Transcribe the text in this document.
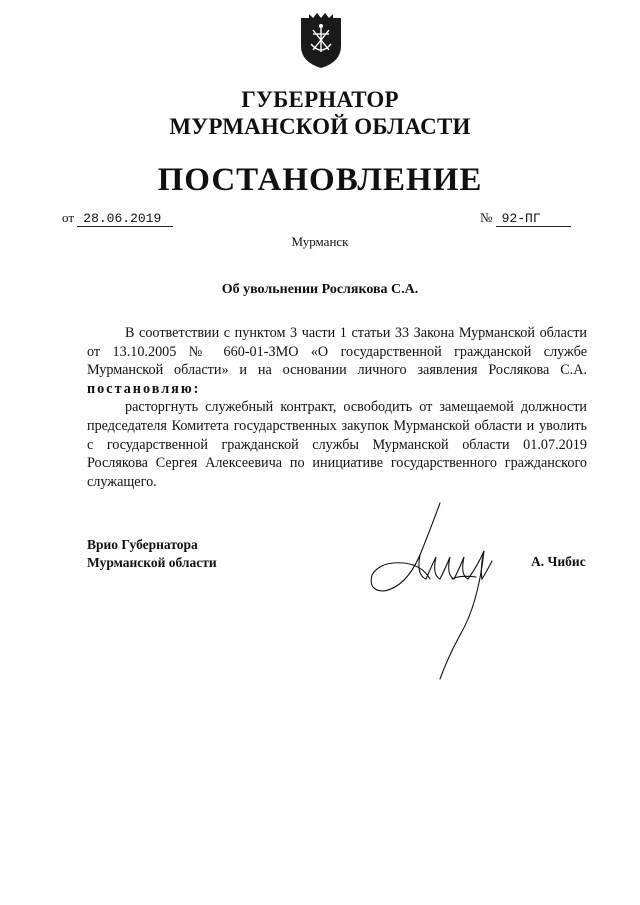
ГУБЕРНАТОР
МУРМАНСКОЙ ОБЛАСТИ
ПОСТАНОВЛЕНИЕ
от 28.06.2019	№ 92-ПГ
Мурманск
Об увольнении Рослякова С.А.

В соответствии с пунктом 3 части 1 статьи 33 Закона Мурманской области от 13.10.2005 № 660-01-ЗМО «О государственной гражданской службе Мурманской области» и на основании личного заявления Рослякова С.А. постановляю:

расторгнуть служебный контракт, освободить от замещаемой должности председателя Комитета государственных закупок Мурманской области и уволить с государственной гражданской службы Мурманской области 01.07.2019 Рослякова Сергея Алексеевича по инициативе государственного гражданского служащего.

Врио Губернатора
Мурманской области	А. Чибис
